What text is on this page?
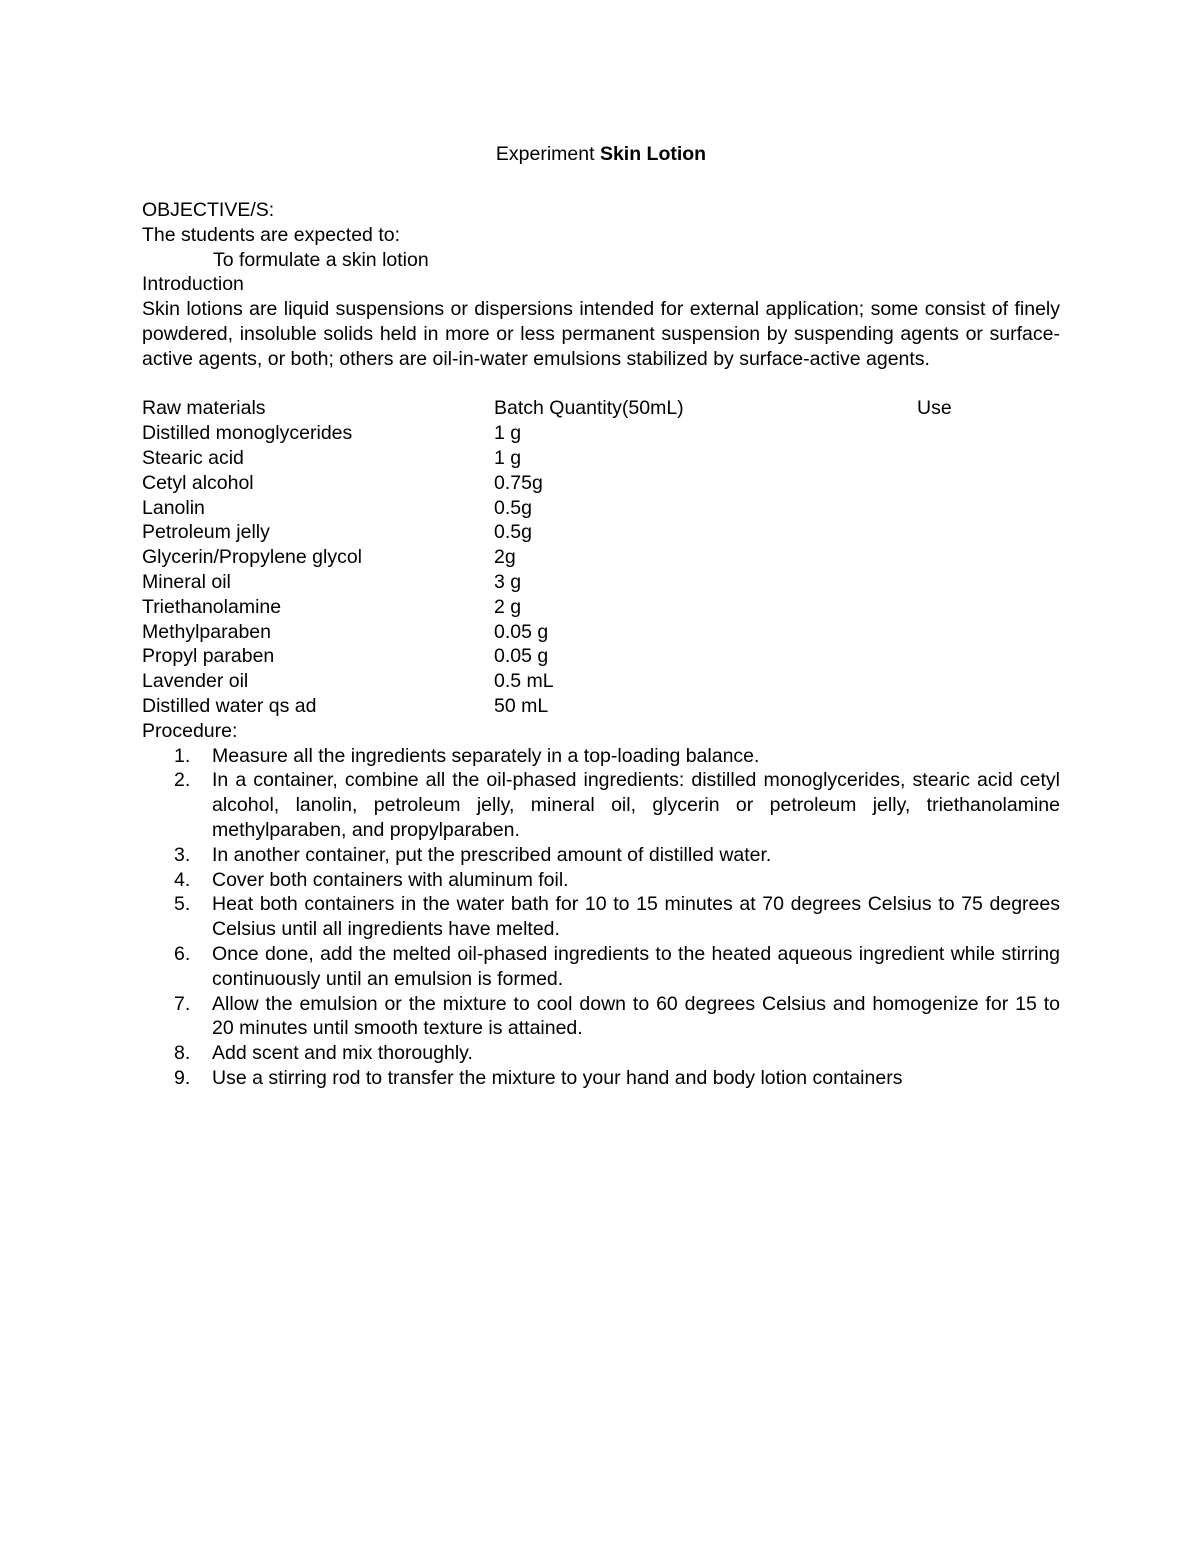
Experiment Skin Lotion
OBJECTIVE/S:
The students are expected to:
To formulate a skin lotion
Introduction
Skin lotions are liquid suspensions or dispersions intended for external application; some consist of finely powdered, insoluble solids held in more or less permanent suspension by suspending agents or surface-active agents, or both; others are oil-in-water emulsions stabilized by surface-active agents.
Raw materials	Batch Quantity(50mL)	Use
Distilled monoglycerides	1 g
Stearic acid	1 g
Cetyl alcohol	0.75g
Lanolin	0.5g
Petroleum jelly	0.5g
Glycerin/Propylene glycol	2g
Mineral oil	3 g
Triethanolamine	2 g
Methylparaben	0.05 g
Propyl paraben	0.05 g
Lavender oil	0.5 mL
Distilled water qs ad	50 mL
Procedure:
1. Measure all the ingredients separately in a top-loading balance.
2. In a container, combine all the oil-phased ingredients: distilled monoglycerides, stearic acid cetyl alcohol, lanolin, petroleum jelly, mineral oil, glycerin or petroleum jelly, triethanolamine methylparaben, and propylparaben.
3. In another container, put the prescribed amount of distilled water.
4. Cover both containers with aluminum foil.
5. Heat both containers in the water bath for 10 to 15 minutes at 70 degrees Celsius to 75 degrees Celsius until all ingredients have melted.
6. Once done, add the melted oil-phased ingredients to the heated aqueous ingredient while stirring continuously until an emulsion is formed.
7. Allow the emulsion or the mixture to cool down to 60 degrees Celsius and homogenize for 15 to 20 minutes until smooth texture is attained.
8. Add scent and mix thoroughly.
9. Use a stirring rod to transfer the mixture to your hand and body lotion containers
